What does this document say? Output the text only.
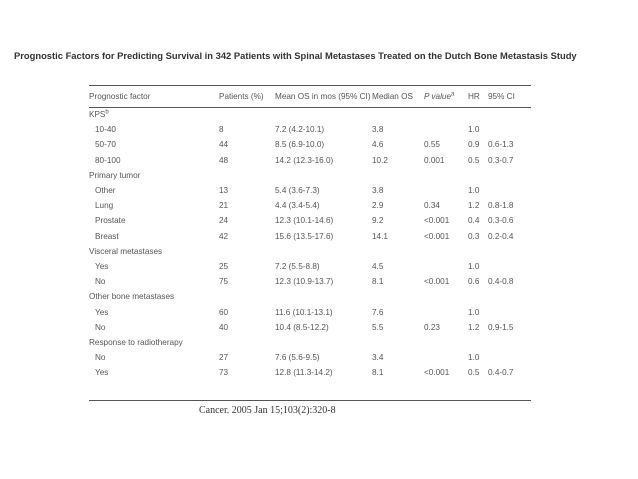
Prognostic Factors for Predicting Survival in 342 Patients with Spinal Metastases Treated on the Dutch Bone Metastasis Study
Prognostic factor	Patients (%)	Mean OS in mos (95% CI)	Median OS	P value$^a$	HR	95% CI
KPS$^b$
10-40	8	7.2 (4.2-10.1)	3.8		1.0	
50-70	44	8.5 (6.9-10.0)	4.6	0.55	0.9	0.6-1.3
80-100	48	14.2 (12.3-16.0)	10.2	0.001	0.5	0.3-0.7
Primary tumor						
Other	13	5.4 (3.6-7.3)	3.8		1.0	
Lung	21	4.4 (3.4-5.4)	2.9	0.34	1.2	0.8-1.8
Prostate	24	12.3 (10.1-14.6)	9.2	<0.001	0.4	0.3-0.6
Breast	42	15.6 (13.5-17.6)	14.1	<0.001	0.3	0.2-0.4
Visceral metastases						
Yes	25	7.2 (5.5-8.8)	4.5		1.0	
No	75	12.3 (10.9-13.7)	8.1	<0.001	0.6	0.4-0.8
Other bone metastases						
Yes	60	11.6 (10.1-13.1)	7.6		1.0	
No	40	10.4 (8.5-12.2)	5.5	0.23	1.2	0.9-1.5
Response to radiotherapy						
No	27	7.6 (5.6-9.5)	3.4		1.0	
Yes	73	12.8 (11.3-14.2)	8.1	<0.001	0.5	0.4-0.7
Cancer. 2005 Jan 15;103(2):320-8
